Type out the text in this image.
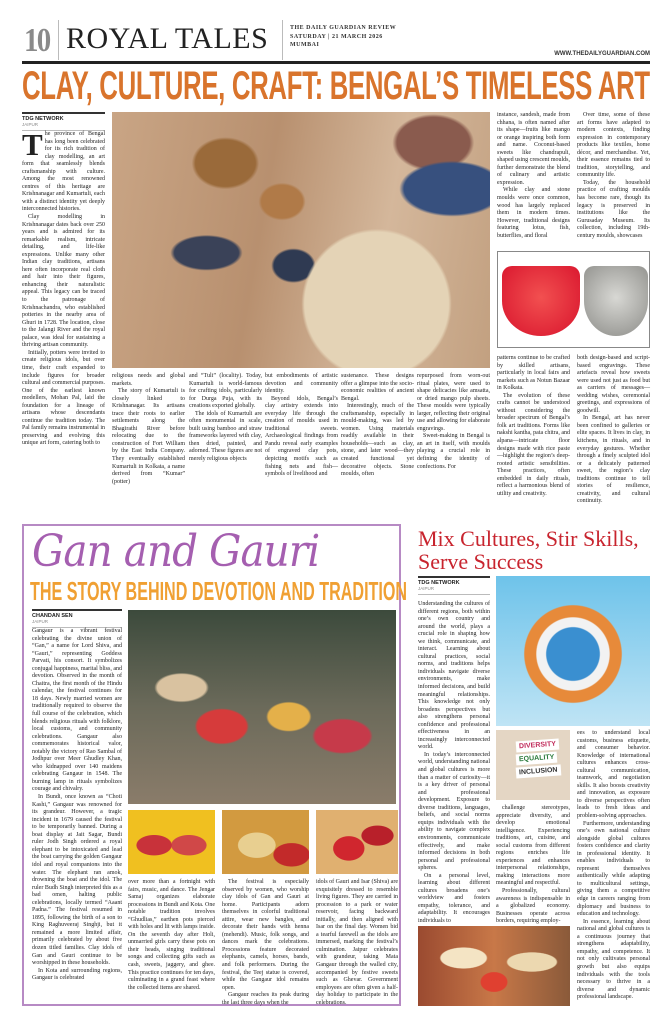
10 ROYAL TALES	THE DAILY GUARDIAN REVIEW
SATURDAY | 21 MARCH 2026
MUMBAI
WWW.THEDAILYGUARDIAN.COM
CLAY, CULTURE, CRAFT: BENGAL’S TIMELESS ART
TDG NETWORK
JAIPUR
T he province of Bengal has long been celebrated for its rich tradition of clay modelling, an art form that seamlessly blends craftsmanship with culture. Among the most renowned centres of this heritage are Krishnanagar and Kumartuli, each with a distinct identity yet deeply interconnected histories.

Clay modelling in Krishnanagar dates back over 250 years and is admired for its remarkable realism, intricate detailing, and life-like expressions. Unlike many other Indian clay traditions, artisans here often incorporate real cloth and hair into their figures, enhancing their naturalistic appeal. This legacy can be traced to the patronage of Krishnachandra, who established potteries in the nearby area of Ghuri in 1728. The location, close to the Jalangi River and the royal palace, was ideal for sustaining a thriving artisan community.

Initially, potters were invited to create religious idols, but over time, their craft expanded to include figures for broader cultural and commercial purposes. One of the earliest known modellers, Mohan Pal, laid the foundation for a lineage of artisans whose descendants continue the tradition today. The Pal family remains instrumental in preserving and evolving this unique art form, catering both to

religious needs and global markets.

The story of Kumartuli is closely linked to Krishnanagar. Its artisans trace their roots to earlier settlements along the Bhagirathi River before relocating due to the construction of Fort William by the East India Company. They eventually established Kumartuli in Kolkata, a name derived from “Kumar” (potter)

and “Tuli” (locality). Today, Kumartuli is world-famous for crafting idols, particularly for Durga Puja, with its creations exported globally.

The idols of Kumartuli are often monumental in scale, built using bamboo and straw frameworks layered with clay, then dried, painted, and adorned. These figures are not merely religious objects

but embodiments of artistic devotion and community identity.

Beyond idols, Bengal’s clay artistry extends into everyday life through the creation of moulds used in traditional sweets. Archaeological findings from Pandu reveal early examples of engraved clay pots, depicting motifs such as fishing nets and fish—symbols of livelihood and

sustenance. These designs offer a glimpse into the socio-economic realities of ancient Bengal.

Interestingly, much of the craftsmanship, especially in mould-making, was led by women. Using materials readily available in their households—such as clay, stone, and later wood—they created functional yet decorative objects. Stone moulds, often

repurposed from worn-out ritual plates, were used to shape delicacies like amsatta, or dried mango pulp sheets. These moulds were typically larger, reflecting their original use and allowing for elaborate engravings.

Sweet-making in Bengal is an art in itself, with moulds playing a crucial role in defining the identity of confections. For

instance, sandesh, made from chhana, is often named after its shape—fruits like mango or orange inspiring both form and name. Coconut-based sweets like chandrapuli, shaped using crescent moulds, further demonstrate the blend of culinary and artistic expression.

While clay and stone moulds were once common, wood has largely replaced them in modern times. However, traditional designs featuring lotus, fish, butterflies, and floral

Over time, some of these art forms have adapted to modern contexts, finding expression in contemporary products like textiles, home décor, and merchandise. Yet, their essence remains tied to tradition, storytelling, and community life.

Today, the household practice of crafting moulds has become rare, though its legacy is preserved in institutions like the Gurusaday Museum. Its collection, including 19th-century moulds, showcases

patterns continue to be crafted by skilled artisans, particularly in local fairs and markets such as Notun Bazaar in Kolkata.

The evolution of these crafts cannot be understood without considering the broader spectrum of Bengal’s folk art traditions. Forms like nakshi kantha, pata chitra, and alpana—intricate floor designs made with rice paste—highlight the region’s deep-rooted artistic sensibilities. These practices, often embedded in daily rituals, reflect a harmonious blend of utility and creativity.

both design-based and script-based engravings. These artefacts reveal how sweets were used not just as food but as carriers of messages—wedding wishes, ceremonial greetings, and expressions of goodwill.

In Bengal, art has never been confined to galleries or elite spaces. It lives in clay, in kitchens, in rituals, and in everyday gestures. Whether through a finely sculpted idol or a delicately patterned sweet, the region’s clay traditions continue to tell stories of resilience, creativity, and cultural continuity.

Gan and Gauri
THE STORY BEHIND DEVOTION AND TRADITION
CHANDAN SEN
JAIPUR

Gangaur is a vibrant festival celebrating the divine union of “Gan,” a name for Lord Shiva, and “Gauri,” representing Goddess Parvati, his consort. It symbolizes conjugal happiness, marital bliss, and devotion. Observed in the month of Chaitra, the first month of the Hindu calendar, the festival continues for 18 days. Newly married women are traditionally required to observe the full course of the celebration, which blends religious rituals with folklore, local customs, and community celebrations. Gangaur also commemorates historical valor, notably the victory of Rao Sambal of Jodhpur over Meer Ghudley Khan, who kidnapped over 140 maidens celebrating Gangaur in 1548. The burning lamp in rituals symbolizes courage and chivalry.

In Bundi, once known as “Choti Kashi,” Gangaur was renowned for its grandeur. However, a tragic incident in 1679 caused the festival to be temporarily banned. During a boat display at Jait Sagar, Bundi ruler Jodh Singh ordered a royal elephant to be intoxicated and lead the boat carrying the golden Gangaur idol and royal companions into the water. The elephant ran amok, drowning the boat and the idol. The ruler Budh Singh interpreted this as a bad omen, halting public celebrations, locally termed “Aaant Padna.” The festival resumed in 1895, following the birth of a son to King Raghuveeraj Singhji, but it remained a more limited affair, primarily celebrated by about five dozen titled families. Clay idols of Gan and Gauri continue to be worshipped in these households.

In Kota and surrounding regions, Gangaur is celebrated

over more than a fortnight with fairs, music, and dance. The Jengar Samaj organizes elaborate processions in Bundi and Kota. One notable tradition involves “Ghudlias,” earthen pots pierced with holes and lit with lamps inside. On the seventh day after Holi, unmarried girls carry these pots on their heads, singing traditional songs and collecting gifts such as cash, sweets, jaggery, and ghee. This practice continues for ten days, culminating in a grand feast where the collected items are shared.

The festival is especially observed by women, who worship clay idols of Gan and Gauri at home. Participants adorn themselves in colorful traditional attire, wear new bangles, and decorate their hands with henna (mehendi). Music, folk songs, and dances mark the celebrations. Processions feature decorated elephants, camels, horses, bands, and folk performers. During the festival, the Teej statue is covered, while the Gangaur idol remains open.

Gangaur reaches its peak during the last three days when the

idols of Gauri and Isar (Shiva) are exquisitely dressed to resemble living figures. They are carried in procession to a park or water reservoir, facing backward initially, and then aligned with Isar on the final day. Women bid a tearful farewell as the idols are immersed, marking the festival’s culmination. Jaipur celebrates with grandeur, taking Mata Gangaur through the walled city, accompanied by festive sweets such as Ghevar. Government employees are often given a half-day holiday to participate in the celebrations.

Mix Cultures, Stir Skills, Serve Success
TDG NETWORK
JAIPUR

Understanding the cultures of different regions, both within one’s own country and around the world, plays a crucial role in shaping how we think, communicate, and interact. Learning about cultural practices, social norms, and traditions helps individuals navigate diverse environments, make informed decisions, and build meaningful relationships. This knowledge not only broadens perspectives but also strengthens personal confidence and professional effectiveness in an increasingly interconnected world.

In today’s interconnected world, understanding national and global cultures is more than a matter of curiosity—it is a key driver of personal and professional development. Exposure to diverse traditions, languages, beliefs, and social norms equips individuals with the ability to navigate complex environments, communicate effectively, and make informed decisions in both personal and professional spheres.

On a personal level, learning about different cultures broadens one’s worldview and fosters empathy, tolerance, and adaptability. It encourages individuals to

DIVERSITY
EQUALITY
INCLUSION

challenge stereotypes, appreciate diversity, and develop emotional intelligence. Experiencing traditions, art, cuisine, and social customs from different regions enriches life experiences and enhances interpersonal relationships, making interactions more meaningful and respectful.

Professionally, cultural awareness is indispensable in a globalized economy. Businesses operate across borders, requiring employ-

ees to understand local customs, business etiquette, and consumer behavior. Knowledge of international cultures enhances cross-cultural communication, teamwork, and negotiation skills. It also boosts creativity and innovation, as exposure to diverse perspectives often leads to fresh ideas and problem-solving approaches.

Furthermore, understanding one’s own national culture alongside global cultures fosters confidence and clarity in professional identity. It enables individuals to represent themselves authentically while adapting to multicultural settings, giving them a competitive edge in careers ranging from diplomacy and business to education and technology.

In essence, learning about national and global cultures is a continuous journey that strengthens adaptability, empathy, and competence. It not only cultivates personal growth but also equips individuals with the tools necessary to thrive in a diverse and dynamic professional landscape.
